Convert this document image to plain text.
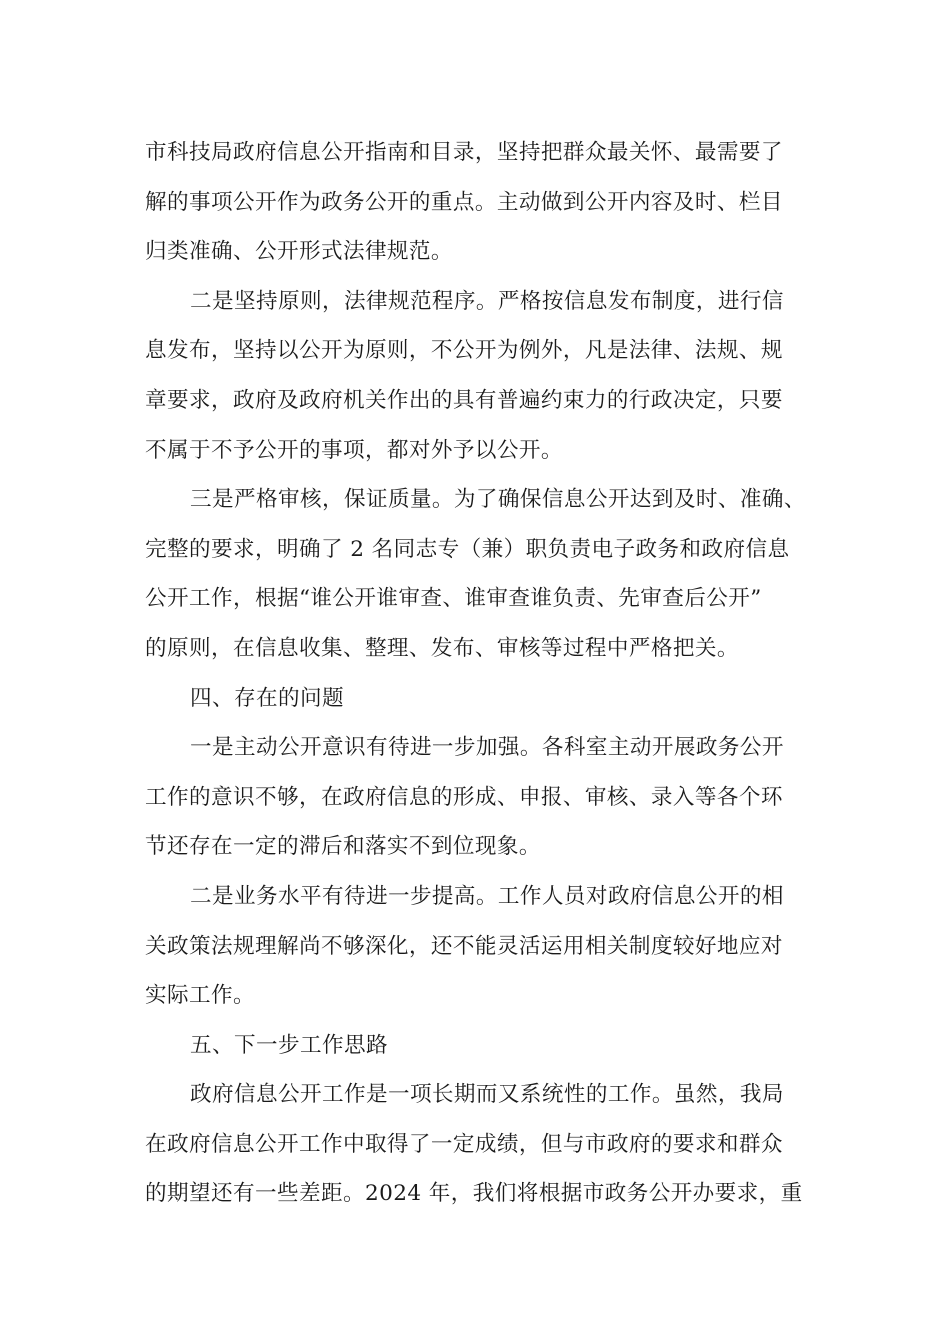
市科技局政府信息公开指南和目录，坚持把群众最关怀、最需要了
解的事项公开作为政务公开的重点。主动做到公开内容及时、栏目
归类准确、公开形式法律规范。
二是坚持原则，法律规范程序。严格按信息发布制度，进行信
息发布，坚持以公开为原则，不公开为例外，凡是法律、法规、规
章要求，政府及政府机关作出的具有普遍约束力的行政决定，只要
不属于不予公开的事项，都对外予以公开。
三是严格审核，保证质量。为了确保信息公开达到及时、准确、
完整的要求，明确了 2 名同志专（兼）职负责电子政务和政府信息
公开工作，根据“谁公开谁审查、谁审查谁负责、先审查后公开”
的原则，在信息收集、整理、发布、审核等过程中严格把关。
四、存在的问题
一是主动公开意识有待进一步加强。各科室主动开展政务公开
工作的意识不够，在政府信息的形成、申报、审核、录入等各个环
节还存在一定的滞后和落实不到位现象。
二是业务水平有待进一步提高。工作人员对政府信息公开的相
关政策法规理解尚不够深化，还不能灵活运用相关制度较好地应对
实际工作。
五、下一步工作思路
政府信息公开工作是一项长期而又系统性的工作。虽然，我局
在政府信息公开工作中取得了一定成绩，但与市政府的要求和群众
的期望还有一些差距。2024 年，我们将根据市政务公开办要求，重
